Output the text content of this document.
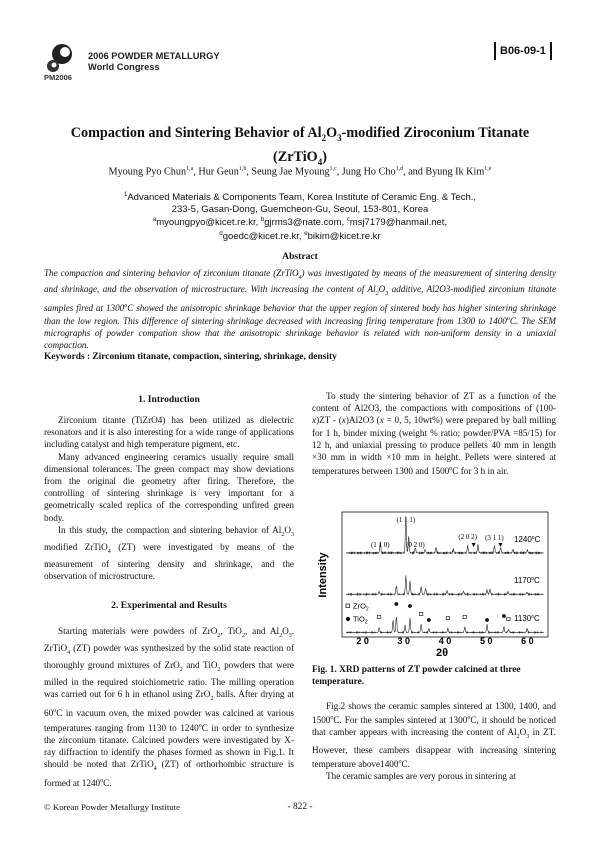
PM2006
2006 POWDER METALLURGY
World Congress
B06-09-1
Compaction and Sintering Behavior of $Al_2O_3$-modified Ziroconium Titanate
(ZrTiO$_4$)
Myoung Pyo Chun$^{1,a}$, Hur Geun$^{1,b}$, Seung Jae Myoung$^{1,c}$, Jung Ho Cho$^{1,d}$, and Byung Ik Kim$^{1,e}$
$^1$Advanced Materials & Components Team, Korea Institute of Ceramic Eng. & Tech.,
233-5, Gasan-Dong, Guemcheon-Gu, Seoul, 153-801, Korea
$^a$myoungpyo@kicet.re.kr, $^b$gjrms3@nate.com, $^c$msj7179@hanmail.net,
$^d$goedc@kicet.re.kr, $^e$bikim@kicet.re.kr
Abstract
The compaction and sintering behavior of zirconium titanate (ZrTiO$_4$) was investigated by means of the measurement of sintering density and shrinkage, and the observation of microstructure. With increasing the content of $Al_2O_3$ additive, Al2O3-modified zirconium titanate samples fired at 1300$^o$C showed the anisotropic shrinkage behavior that the upper region of sintered body has higher sintering shrinkage than the low region. This difference of sintering shrinkage decreased with increasing firing temperature from 1300 to 1400$^o$C. The SEM micrographs of powder compation show that the anisotropic shrinkage behavior is related with non-uniform density in a uniaxial compaction.
Keywords : Zirconium titanate, compaction, sintering, shrinkage, density
1. Introduction

Zirconium titante (TiZrO4) has been utilized as dielectric resonators and it is also interesting for a wide range of applications including catalyst and high temperature pigment, etc.

Many advanced engineering ceramics usually require small dimensional tolerances. The green compact may show deviations from the original die geometry after firing. Therefore, the controlling of sintering shrinkage is very important for a geometrically scaled replica of the corresponding unfired green body.

In this study, the compaction and sintering behavior of $Al_2O_3$ modified ZrTiO$_4$ (ZT) were investigated by means of the measurement of sintering density and shrinkage, and the observation of microstructure.

2. Experimental and Results

Starting materials were powders of ZrO$_2$, TiO$_2$, and $Al_2O_3$. ZrTiO$_4$ (ZT) powder was synthesized by the solid state reaction of thoroughly ground mixtures of ZrO$_2$ and TiO$_2$ powders that were milled in the required stoichiometric ratio. The milling operation was carried out for 6 h in ethanol using ZrO$_2$ balls. After drying at 60$^o$C in vacuum oven, the mixed powder was calcined at various temperatures ranging from 1130 to 1240$^o$C in order to synthesize the zirconium titanate. Calcined powders were investigated by X-ray diffraction to identify the phases formed as shown in Fig.1. It should be noted that ZrTiO$_4$ (ZT) of orthorhombic structure is formed at 1240$^o$C.

To study the sintering behavior of ZT as a function of the content of Al2O3, the compactions with compositions of (100-x)ZT - (x)Al2O3 (x = 0, 5, 10wt%) were prepared by ball milling for 1 h, binder mixing (weight % ratio; powder/PVA =85/15) for 12 h, and uniaxial pressing to produce pellets 40 mm in length ×30 mm in width ×10 mm in height. Pellets were sintered at temperatures between 1300 and 1500$^o$C for 3 h in air.

1240$^o$C
1170$^o$C
1130$^o$C
(1 1 1)
(1 1 0) (0 2 0)
(2 0 2) (3 1 1)
2 0	3 0	4 0	5 0	6 0
Intensity
2θ
ZrO$_2$
TiO$_2$
Fig. 1. XRD patterns of ZT powder calcined at three temperature.

Fig.2 shows the ceramic samples sintered at 1300, 1400, and 1500$^o$C. For the samples sintered at 1300$^o$C, it should be noticed that camber appears with increasing the content of $Al_2O_3$ in ZT. However, these cambers disappear with increasing sintering temperature above1400$^o$C.

The ceramic samples are very porous in sintering at

© Korean Powder Metallurgy Institute	- 822 -
